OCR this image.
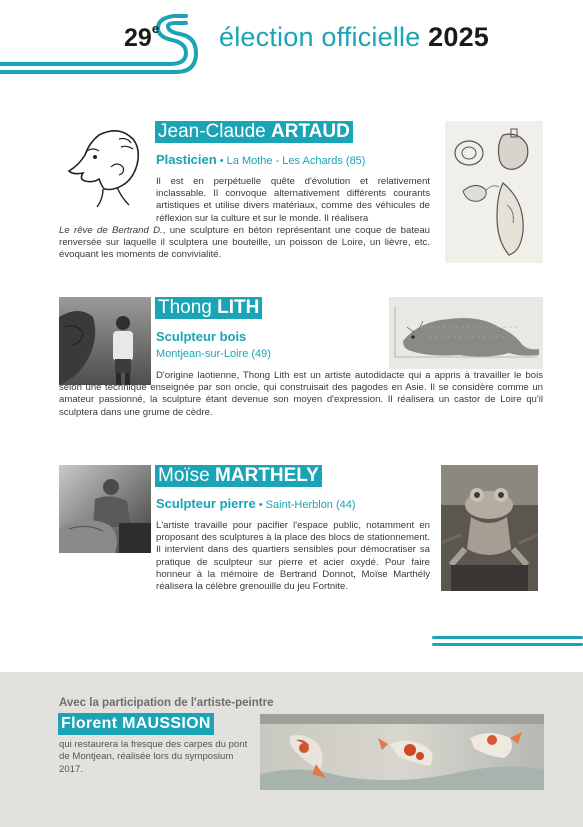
29e élection officielle 2025
Jean-Claude ARTAUD
Plasticien • La Mothe - Les Achards (85)
Il est en perpétuelle quête d'évolution et relativement inclassable. Il convoque alternativement différents courants artistiques et utilise divers matériaux, comme des véhicules de réflexion sur la culture et sur le monde. Il réalisera
Le rêve de Bertrand D., une sculpture en béton représentant une coque de bateau renversée sur laquelle il sculptera une bouteille, un poisson de Loire, un lièvre, etc. évoquant les moments de convivialité.
Thong LITH
Sculpteur bois
Montjean-sur-Loire (49)
D'origine laotienne, Thong Lith est un artiste autodidacte qui a appris à travailler le bois selon une technique enseignée par son oncle, qui construisait des pagodes en Asie. Il se considère comme un amateur passionné, la sculpture étant devenue son moyen d'expression. Il réalisera un castor de Loire qu'il sculptera dans une grume de cèdre.
Moïse MARTHELY
Sculpteur pierre • Saint-Herblon (44)
L'artiste travaille pour pacifier l'espace public, notamment en proposant des sculptures à la place des blocs de stationnement. Il intervient dans des quartiers sensibles pour démocratiser sa pratique de sculpteur sur pierre et acier oxydé. Pour faire honneur à la mémoire de Bertrand Donnot, Moïse Marthély réalisera la célèbre grenouille du jeu Fortnite.
Avec la participation de l'artiste-peintre
Florent MAUSSION
qui restaurera la fresque des carpes du pont de Montjean, réalisée lors du symposium 2017.
